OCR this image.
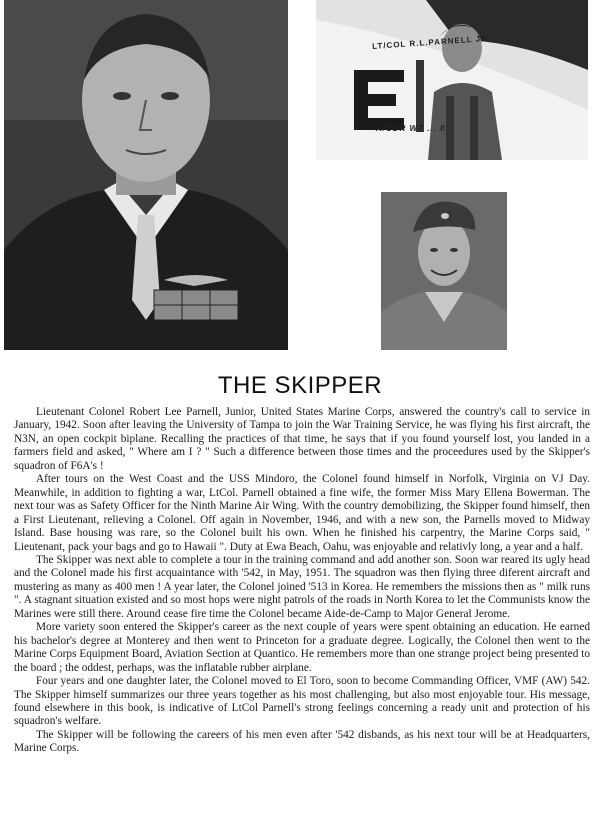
LT/COL R.L.PARNELL JR
A/CDR WT ... 0
THE SKIPPER

Lieutenant Colonel Robert Lee Parnell, Junior, United States Marine Corps, answered the country's call to service in January, 1942. Soon after leaving the University of Tampa to join the War Training Service, he was flying his first aircraft, the N3N, an open cockpit biplane. Recalling the practices of that time, he says that if you found yourself lost, you landed in a farmers field and asked, " Where am I ? " Such a difference between those times and the proceedures used by the Skipper's squadron of F6A's !

After tours on the West Coast and the USS Mindoro, the Colonel found himself in Norfolk, Virginia on VJ Day. Meanwhile, in addition to fighting a war, LtCol. Parnell obtained a fine wife, the former Miss Mary Ellena Bowerman. The next tour was as Safety Officer for the Ninth Marine Air Wing. With the country demobilizing, the Skipper found himself, then a First Lieutenant, relieving a Colonel. Off again in November, 1946, and with a new son, the Parnells moved to Midway Island. Base housing was rare, so the Colonel built his own. When he finished his carpentry, the Marine Corps said, " Lieutenant, pack your bags and go to Hawaii ". Duty at Ewa Beach, Oahu, was enjoyable and relativly long, a year and a half.

The Skipper was next able to complete a tour in the training command and add another son. Soon war reared its ugly head and the Colonel made his first acquaintance with '542, in May, 1951. The squadron was then flying three diferent aircraft and mustering as many as 400 men ! A year later, the Colonel joined '513 in Korea. He remembers the missions then as " milk runs ". A stagnant situation existed and so most hops were night patrols of the roads in North Korea to let the Communists know the Marines were still there. Around cease fire time the Colonel became Aide-de-Camp to Major General Jerome.

More variety soon entered the Skipper's career as the next couple of years were spent obtaining an education. He earned his bachelor's degree at Monterey and then went to Princeton for a graduate degree. Logically, the Colonel then went to the Marine Corps Equipment Board, Aviation Section at Quantico. He remembers more than one strange project being presented to the board ; the oddest, perhaps, was the inflatable rubber airplane.

Four years and one daughter later, the Colonel moved to El Toro, soon to become Commanding Officer, VMF (AW) 542. The Skipper himself summarizes our three years together as his most challenging, but also most enjoyable tour. His message, found elsewhere in this book, is indicative of LtCol Parnell's strong feelings concerning a ready unit and protection of his squadron's welfare.

The Skipper will be following the careers of his men even after '542 disbands, as his next tour will be at Headquarters, Marine Corps.
